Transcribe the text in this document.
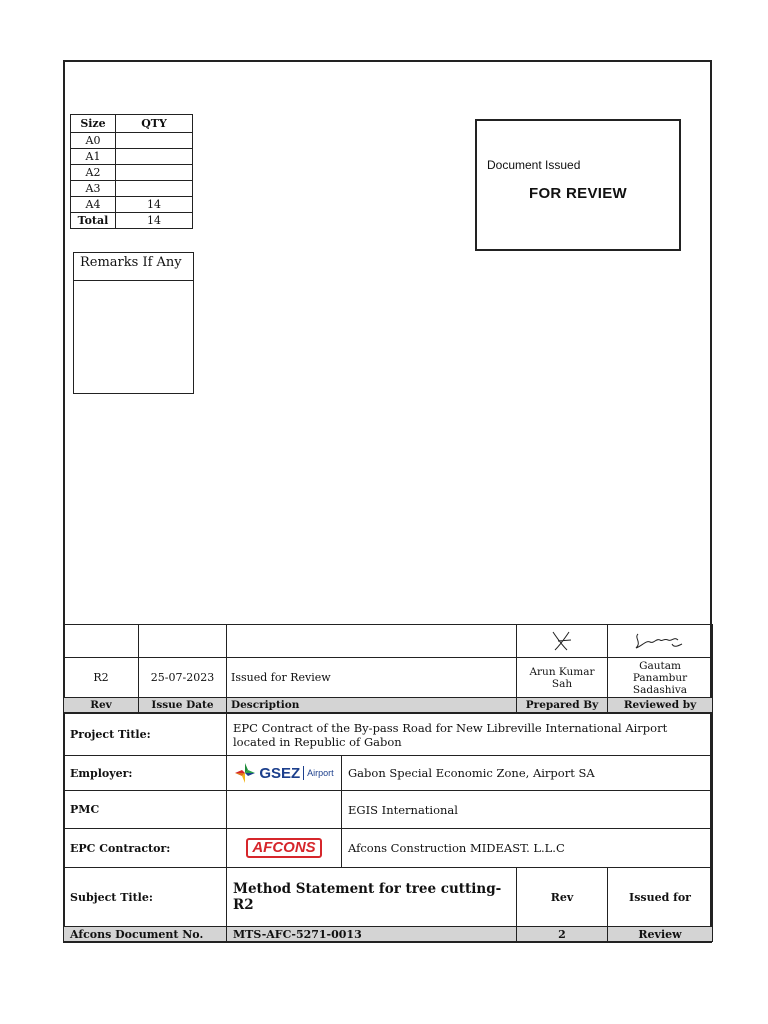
Size	QTY
A0	
A1	
A2	
A3	
A4	14
Total	14
Remarks If Any
Document Issued
FOR REVIEW

R2	25-07-2023	Issued for Review	Arun Kumar Sah	Gautam Panambur Sadashiva
Rev	Issue Date	Description	Prepared By	Reviewed by
Project Title:	EPC Contract of the By-pass Road for New Libreville International Airport located in Republic of Gabon			
Employer:	GSEZ Airport	Gabon Special Economic Zone, Airport SA		
PMC		EGIS International		
EPC Contractor:	AFCONS	Afcons Construction MIDEAST. L.L.C		
Subject Title:	Method Statement for tree cutting-R2		Rev	Issued for
Afcons Document No.	MTS-AFC-5271-0013		2	Review
